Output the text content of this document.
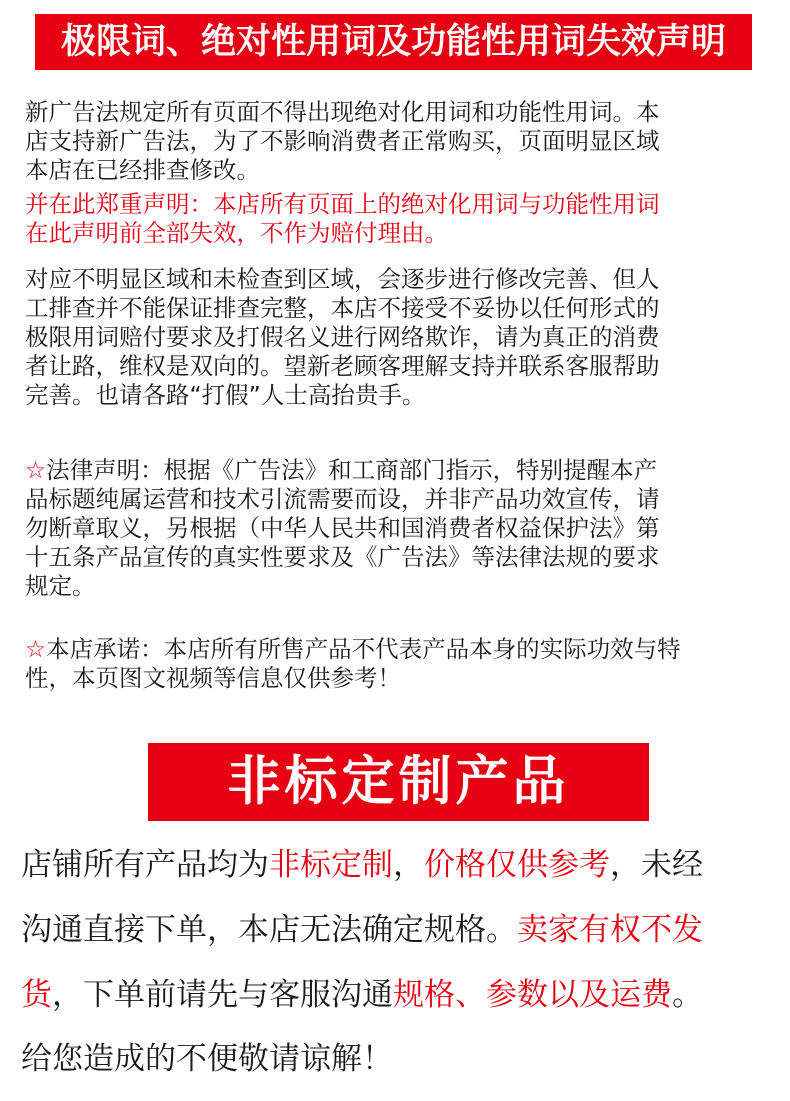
极限词、绝对性用词及功能性用词失效声明
新广告法规定所有页面不得出现绝对化用词和功能性用词。本
店支持新广告法，为了不影响消费者正常购买，页面明显区域
本店在已经排查修改。
并在此郑重声明：本店所有页面上的绝对化用词与功能性用词
在此声明前全部失效，不作为赔付理由。
对应不明显区域和未检查到区域，会逐步进行修改完善、但人
工排查并不能保证排查完整，本店不接受不妥协以任何形式的
极限用词赔付要求及打假名义进行网络欺诈，请为真正的消费
者让路，维权是双向的。望新老顾客理解支持并联系客服帮助
完善。也请各路“打假”人士高抬贵手。
☆法律声明：根据《广告法》和工商部门指示，特别提醒本产
品标题纯属运营和技术引流需要而设，并非产品功效宣传，请
勿断章取义，另根据（中华人民共和国消费者权益保护法》第
十五条产品宣传的真实性要求及《广告法》等法律法规的要求
规定。
☆本店承诺：本店所有所售产品不代表产品本身的实际功效与特
性，本页图文视频等信息仅供参考！
非标定制产品
店铺所有产品均为非标定制，价格仅供参考，未经
沟通直接下单，本店无法确定规格。卖家有权不发
货，下单前请先与客服沟通规格、参数以及运费。
给您造成的不便敬请谅解！
